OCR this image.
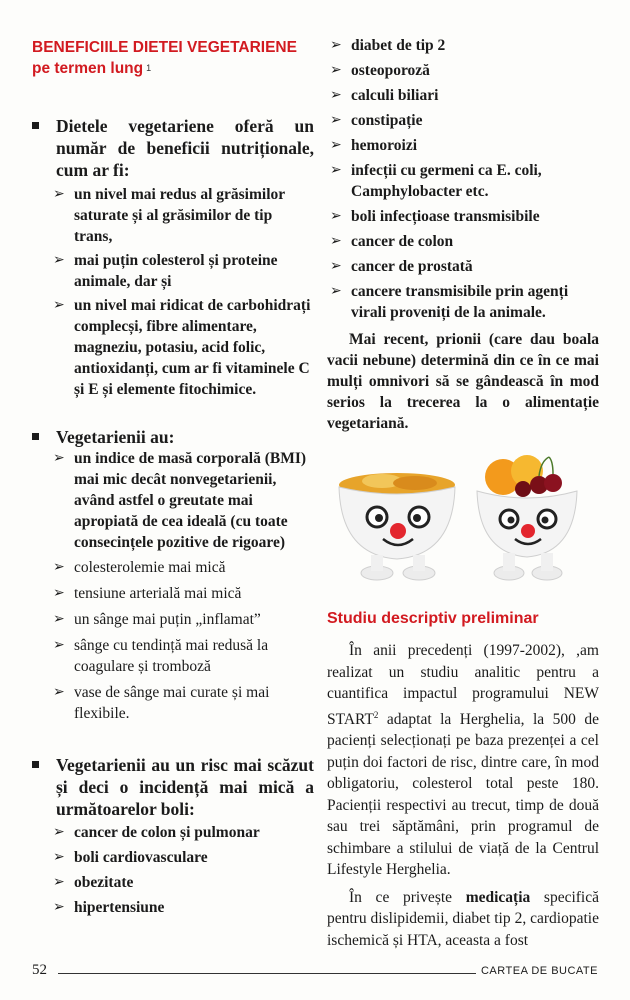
BENEFICIILE DIETEI VEGETARIENE
pe termen lung $^1$
Dietele vegetariene oferă un număr de beneficii nutriționale, cum ar fi:
➢ un nivel mai redus al grăsimilor saturate și al grăsimilor de tip trans,
➢ mai puțin colesterol și proteine animale, dar și
➢ un nivel mai ridicat de carbohidrați complecși, fibre alimentare, magneziu, potasiu, acid folic, antioxidanți, cum ar fi vitaminele C și E și elemente fitochimice.
Vegetarienii au:
➢ un indice de masă corporală (BMI) mai mic decât nonvegetarienii, având astfel o greutate mai apropiată de cea ideală (cu toate consecințele pozitive de rigoare)
➢ colesterolemie mai mică
➢ tensiune arterială mai mică
➢ un sânge mai puțin „inflamat”
➢ sânge cu tendință mai redusă la coagulare și tromboză
➢ vase de sânge mai curate și mai flexibile.
Vegetarienii au un risc mai scăzut și deci o incidență mai mică a următoarelor boli:
➢ cancer de colon și pulmonar
➢ boli cardiovasculare
➢ obezitate
➢ hipertensiune
➢ diabet de tip 2
➢ osteoporoză
➢ calculi biliari
➢ constipație
➢ hemoroizi
➢ infecții cu germeni ca E. coli, Camphylobacter etc.
➢ boli infecțioase transmisibile
➢ cancer de colon
➢ cancer de prostată
➢ cancere transmisibile prin agenți virali proveniți de la animale.

Mai recent, prionii (care dau boala vacii nebune) determină din ce în ce mai mulți omnivori să se gândească în mod serios la trecerea la o alimentație vegetariană.

Studiu descriptiv preliminar

În anii precedenți (1997-2002), ,am realizat un studiu analitic pentru a cuantifica impactul programului NEW START$^2$ adaptat la Herghelia, la 500 de pacienți selecționați pe baza prezenței a cel puțin doi factori de risc, dintre care, în mod obligatoriu, colesterol total peste 180. Pacienții respectivi au trecut, timp de două sau trei săptămâni, prin programul de schimbare a stilului de viață de la Centrul Lifestyle Herghelia.

În ce privește medicația specifică pentru dislipidemii, diabet tip 2, cardiopatie ischemică și HTA, aceasta a fost

52	CARTEA DE BUCATE
